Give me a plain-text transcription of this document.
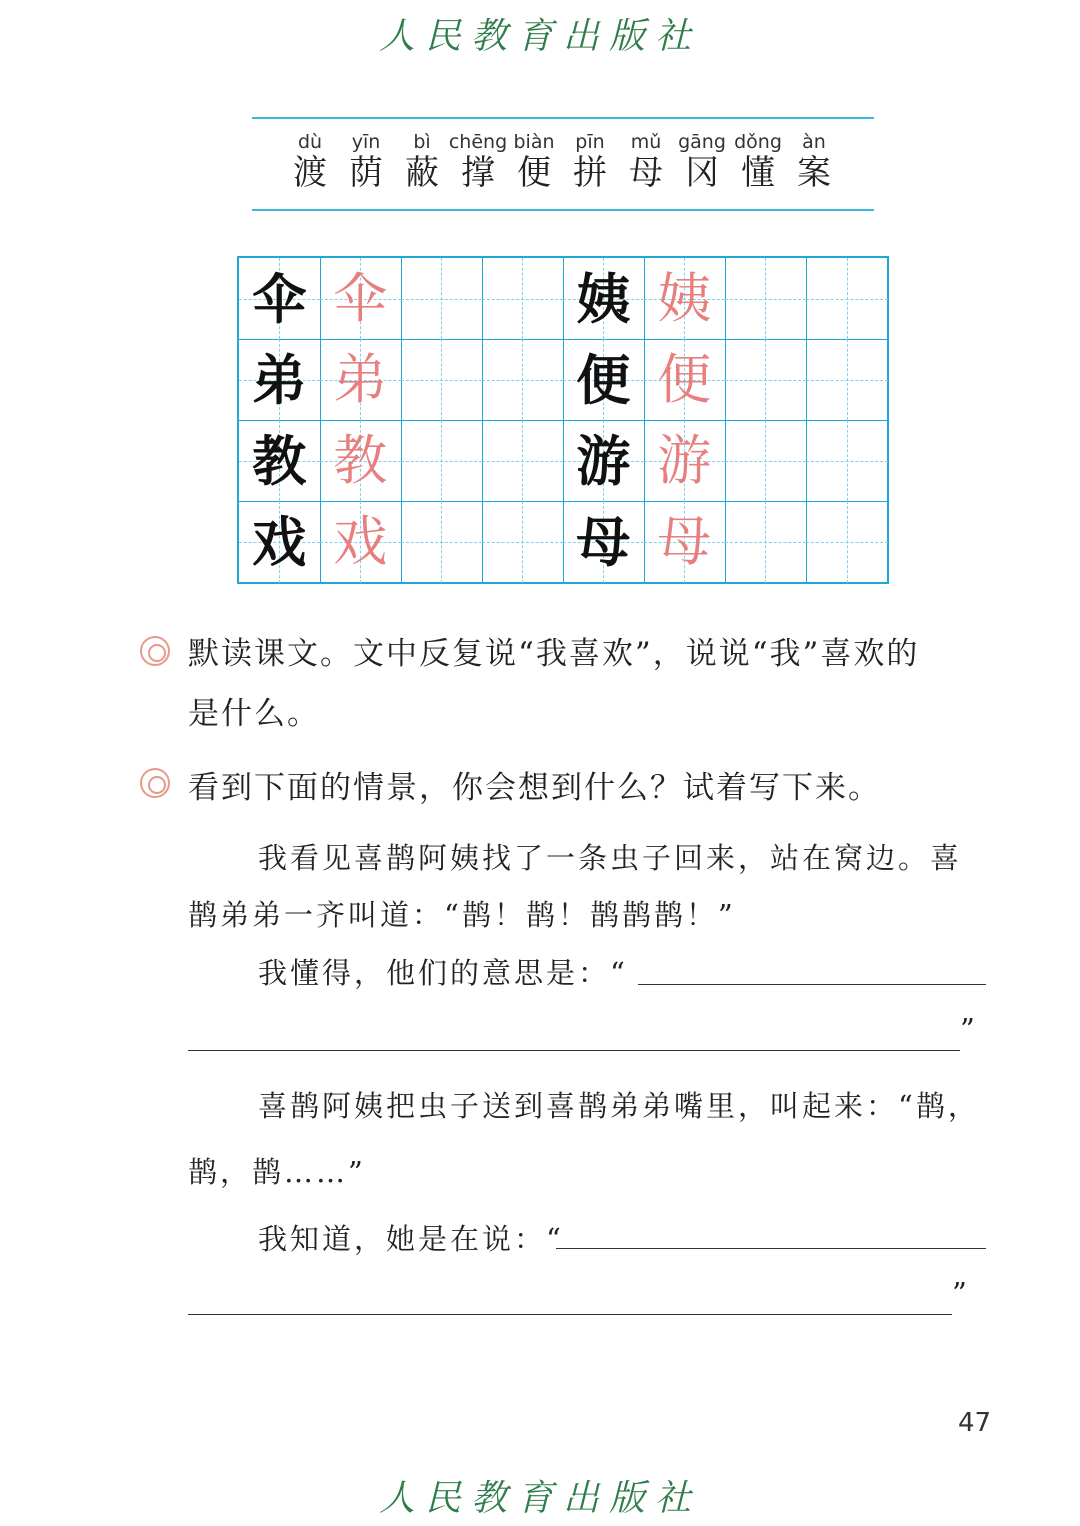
人民教育出版社
dù
渡
yīn
荫
bì
蔽
chēng
撑
biàn
便
pīn
拼
mǔ
母
gāng
冈
dǒng
懂
àn
案
伞 伞	姨 姨
弟 弟	便 便
教 教	游 游
戏 戏	母 母
默读课文。文中反复说“我喜欢”，说说“我”喜欢的
是什么。
看到下面的情景，你会想到什么？试着写下来。
我看见喜鹊阿姨找了一条虫子回来，站在窝边。喜
鹊弟弟一齐叫道：“鹊！鹊！鹊鹊鹊！”
我懂得，他们的意思是：“
”
喜鹊阿姨把虫子送到喜鹊弟弟嘴里，叫起来：“鹊，
鹊，鹊……”
我知道，她是在说：“
”
47
人民教育出版社
